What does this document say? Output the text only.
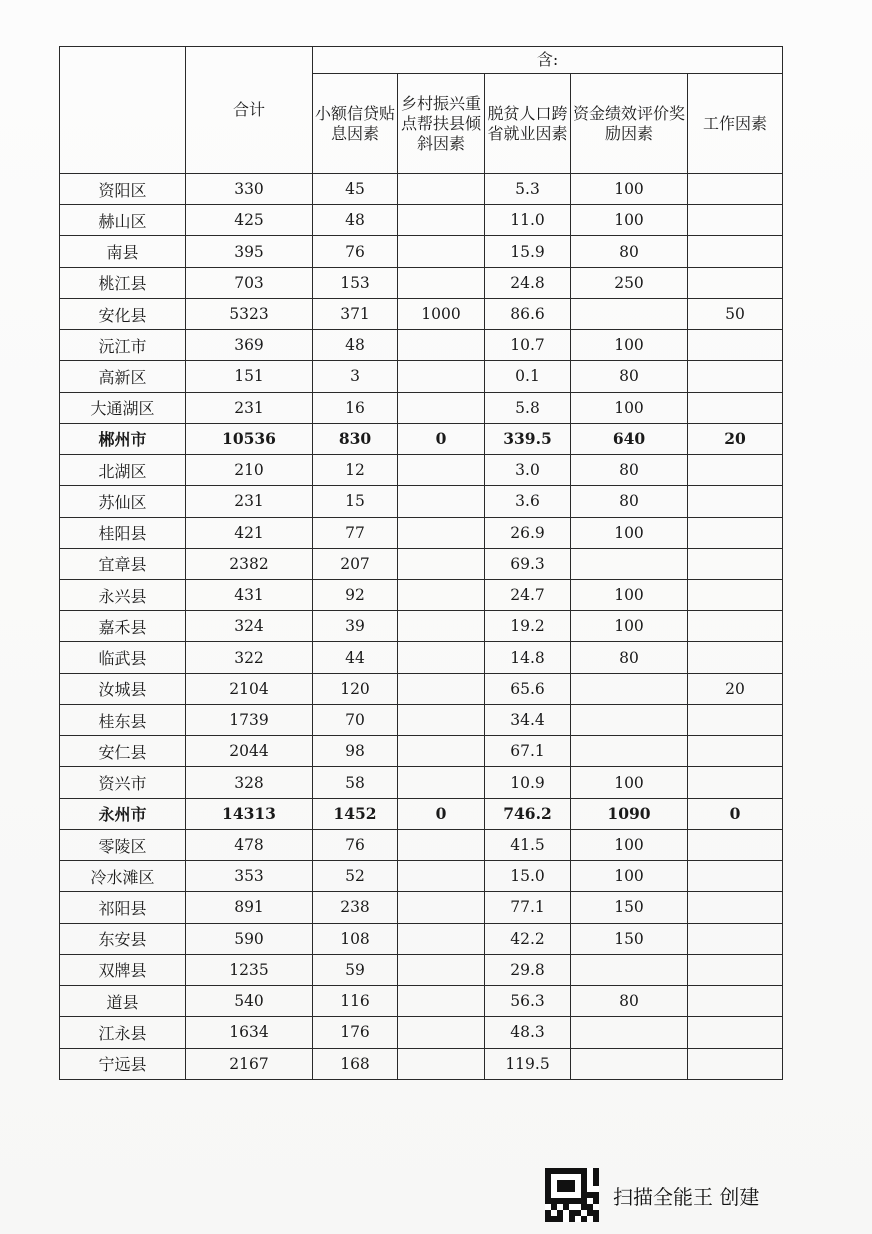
	合计	含:				
		小额信贷贴息因素	乡村振兴重点帮扶县倾斜因素	脱贫人口跨省就业因素	资金绩效评价奖励因素	工作因素
资阳区	330	45		5.3	100	
赫山区	425	48		11.0	100	
南县	395	76		15.9	80	
桃江县	703	153		24.8	250	
安化县	5323	371	1000	86.6		50
沅江市	369	48		10.7	100	
高新区	151	3		0.1	80	
大通湖区	231	16		5.8	100	
郴州市	10536	830	0	339.5	640	20
北湖区	210	12		3.0	80	
苏仙区	231	15		3.6	80	
桂阳县	421	77		26.9	100	
宜章县	2382	207		69.3		
永兴县	431	92		24.7	100	
嘉禾县	324	39		19.2	100	
临武县	322	44		14.8	80	
汝城县	2104	120		65.6		20
桂东县	1739	70		34.4		
安仁县	2044	98		67.1		
资兴市	328	58		10.9	100	
永州市	14313	1452	0	746.2	1090	0
零陵区	478	76		41.5	100	
冷水滩区	353	52		15.0	100	
祁阳县	891	238		77.1	150	
东安县	590	108		42.2	150	
双牌县	1235	59		29.8		
道县	540	116		56.3	80	
江永县	1634	176		48.3		
宁远县	2167	168		119.5		
扫描全能王 创建
